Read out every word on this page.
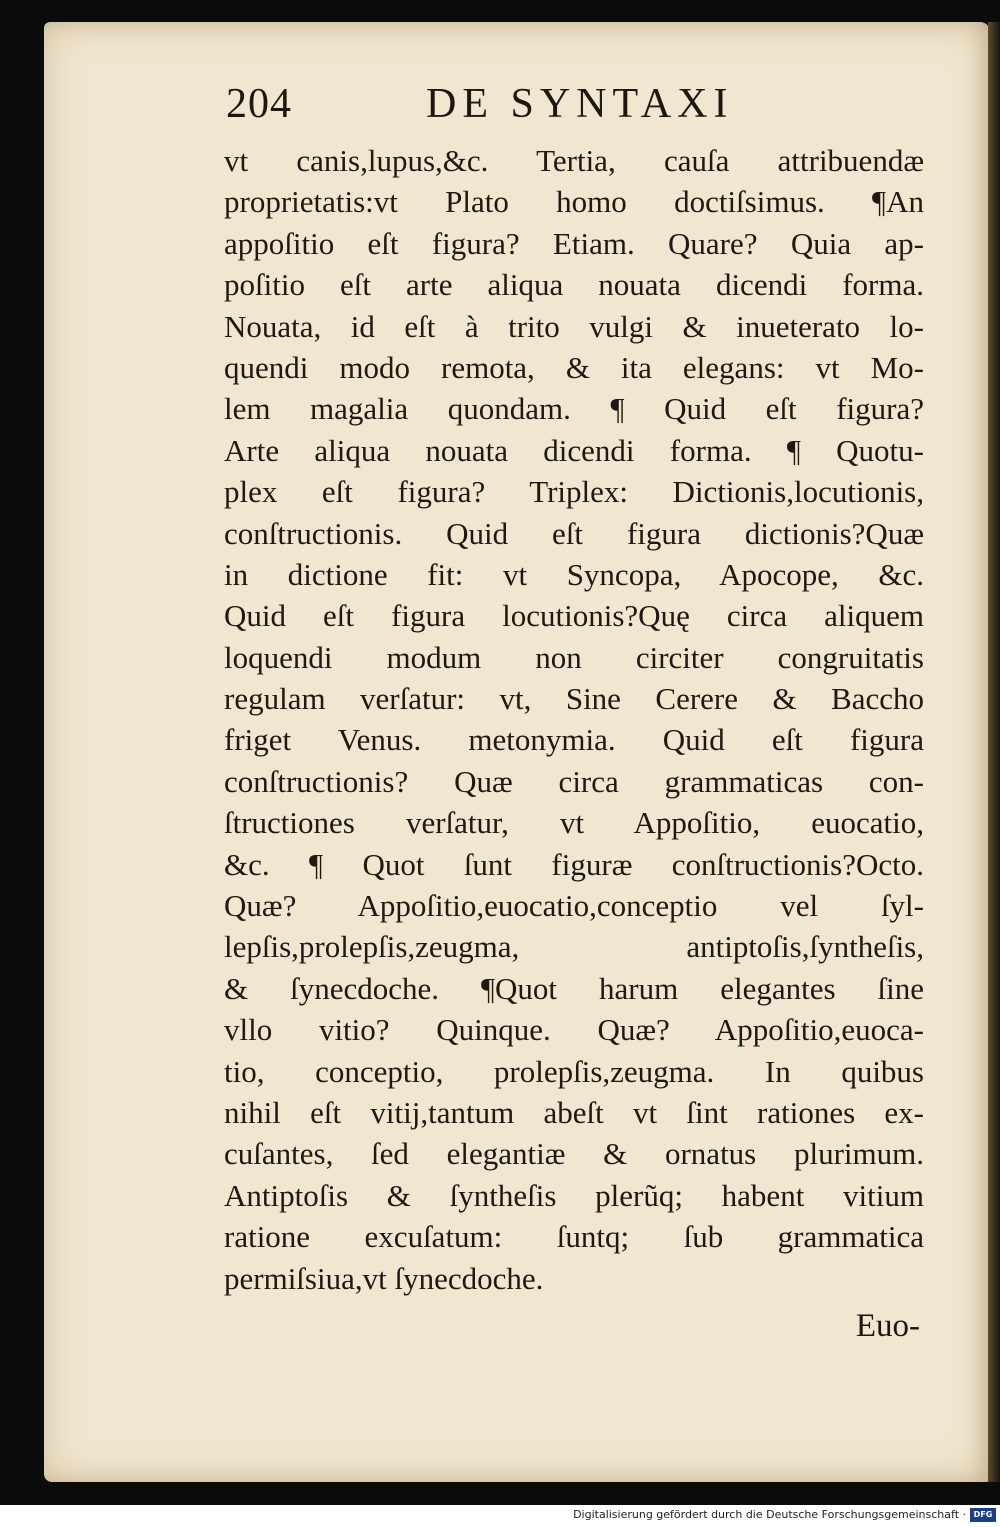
204	DE SYNTAXI
vt canis,lupus,&c. Tertia, cauſa attribuendæ
proprietatis:vt Plato homo doctiſsimus. ¶An
appoſitio eſt figura? Etiam. Quare? Quia ap-
poſitio eſt arte aliqua nouata dicendi forma.
Nouata, id eſt à trito vulgi & inueterato lo-
quendi modo remota, & ita elegans: vt Mo-
lem magalia quondam. ¶ Quid eſt figura?
Arte aliqua nouata dicendi forma. ¶ Quotu-
plex eſt figura? Triplex: Dictionis,locutionis,
conſtructionis. Quid eſt figura dictionis?Quæ
in dictione fit: vt Syncopa, Apocope, &c.
Quid eſt figura locutionis?Quę circa aliquem
loquendi modum non circiter congruitatis
regulam verſatur: vt, Sine Cerere & Baccho
friget Venus. metonymia. Quid eſt figura
conſtructionis? Quæ circa grammaticas con-
ſtructiones verſatur, vt Appoſitio, euocatio,
&c. ¶ Quot ſunt figuræ conſtructionis?Octo.
Quæ? Appoſitio,euocatio,conceptio vel ſyl-
lepſis,prolepſis,zeugma, antiptoſis,ſyntheſis,
& ſynecdoche. ¶Quot harum elegantes ſine
vllo vitio? Quinque. Quæ? Appoſitio,euoca-
tio, conceptio, prolepſis,zeugma. In quibus
nihil eſt vitij,tantum abeſt vt ſint rationes ex-
cuſantes, ſed elegantiæ & ornatus plurimum.
Antiptoſis & ſyntheſis plerũq; habent vitium
ratione excuſatum: ſuntq; ſub grammatica
permiſsiua,vt ſynecdoche.
Euo-
Digitalisierung gefördert durch die Deutsche Forschungsgemeinschaft · DFG
